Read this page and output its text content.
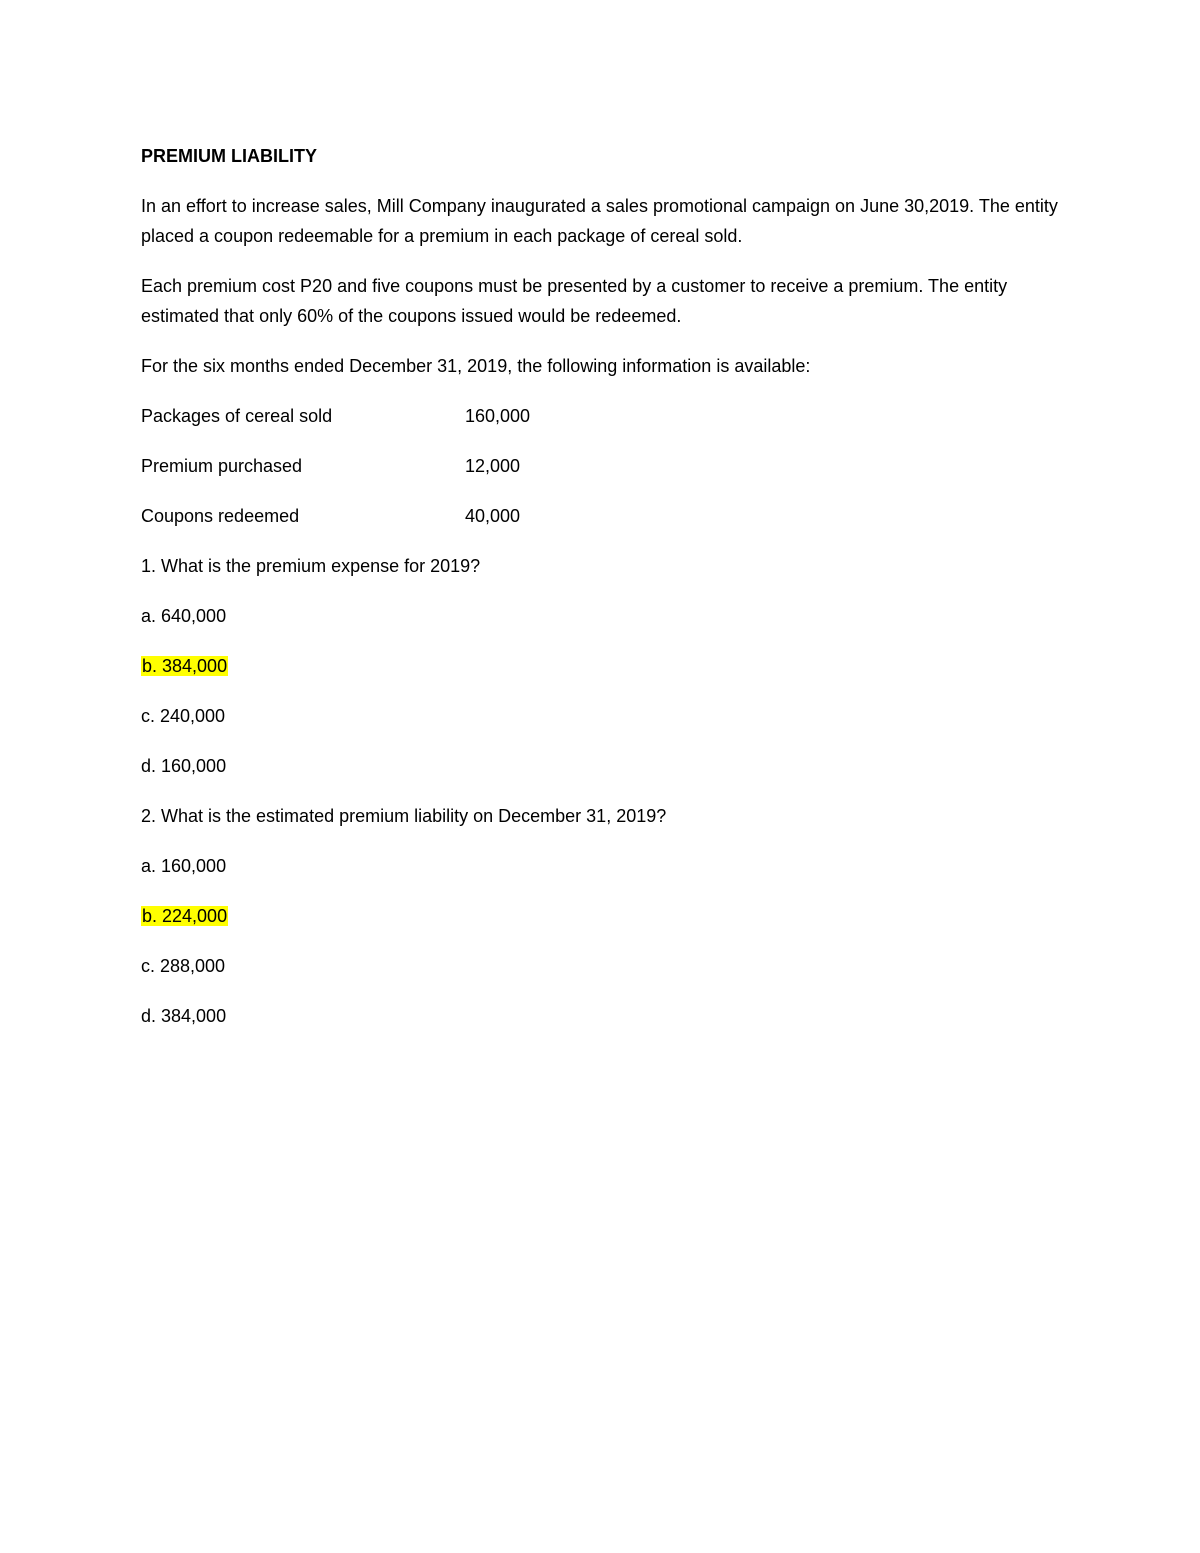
PREMIUM LIABILITY
In an effort to increase sales, Mill Company inaugurated a sales promotional campaign on June 30,2019. The entity placed a coupon redeemable for a premium in each package of cereal sold.
Each premium cost P20 and five coupons must be presented by a customer to receive a premium. The entity estimated that only 60% of the coupons issued would be redeemed.
For the six months ended December 31, 2019, the following information is available:
Packages of cereal sold	160,000
Premium purchased	12,000
Coupons redeemed	40,000
1. What is the premium expense for 2019?
a. 640,000
b. 384,000
c. 240,000
d. 160,000
2. What is the estimated premium liability on December 31, 2019?
a. 160,000
b. 224,000
c. 288,000
d. 384,000
